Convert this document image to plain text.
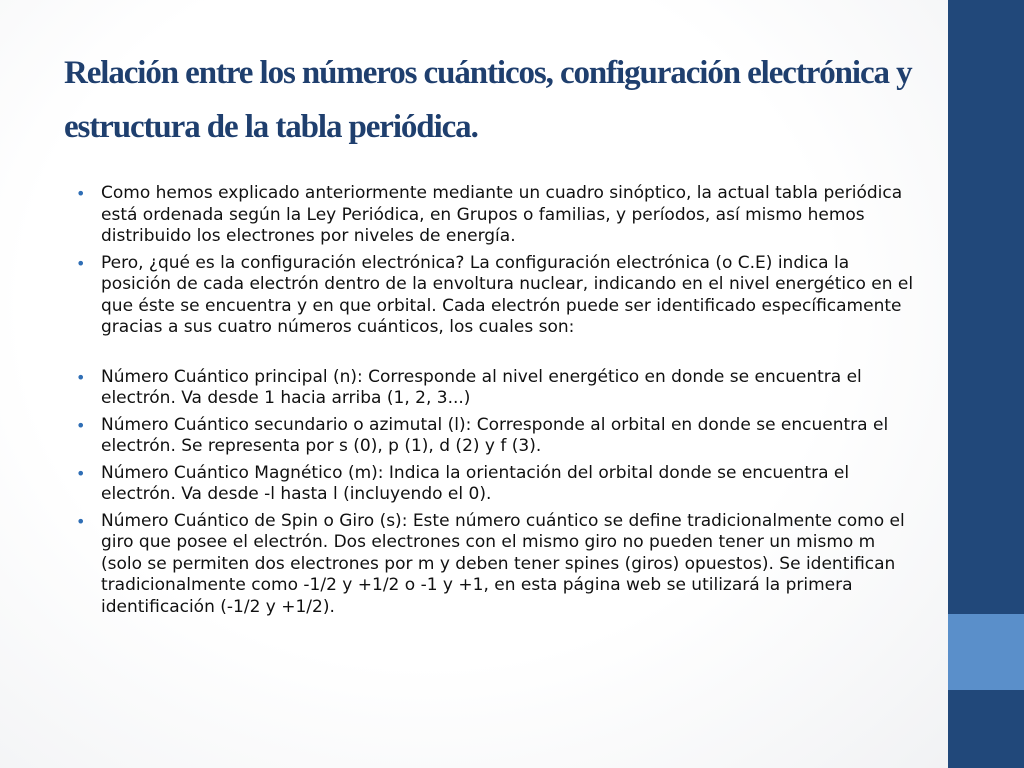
Relación entre los números cuánticos, configuración electrónica y estructura de la tabla periódica.
• Como hemos explicado anteriormente mediante un cuadro sinóptico, la actual tabla periódica está ordenada según la Ley Periódica, en Grupos o familias, y períodos, así mismo hemos distribuido los electrones por niveles de energía.
• Pero, ¿qué es la configuración electrónica? La configuración electrónica (o C.E) indica la posición de cada electrón dentro de la envoltura nuclear, indicando en el nivel energético en el que éste se encuentra y en que orbital. Cada electrón puede ser identificado específicamente gracias a sus cuatro números cuánticos, los cuales son:
• Número Cuántico principal (n): Corresponde al nivel energético en donde se encuentra el electrón. Va desde 1 hacia arriba (1, 2, 3...)
• Número Cuántico secundario o azimutal (l): Corresponde al orbital en donde se encuentra el electrón. Se representa por s (0), p (1), d (2) y f (3).
• Número Cuántico Magnético (m): Indica la orientación del orbital donde se encuentra el electrón. Va desde -l hasta l (incluyendo el 0).
• Número Cuántico de Spin o Giro (s): Este número cuántico se define tradicionalmente como el giro que posee el electrón. Dos electrones con el mismo giro no pueden tener un mismo m (solo se permiten dos electrones por m y deben tener spines (giros) opuestos). Se identifican tradicionalmente como -1/2 y +1/2 o -1 y +1, en esta página web se utilizará la primera identificación (-1/2 y +1/2).
